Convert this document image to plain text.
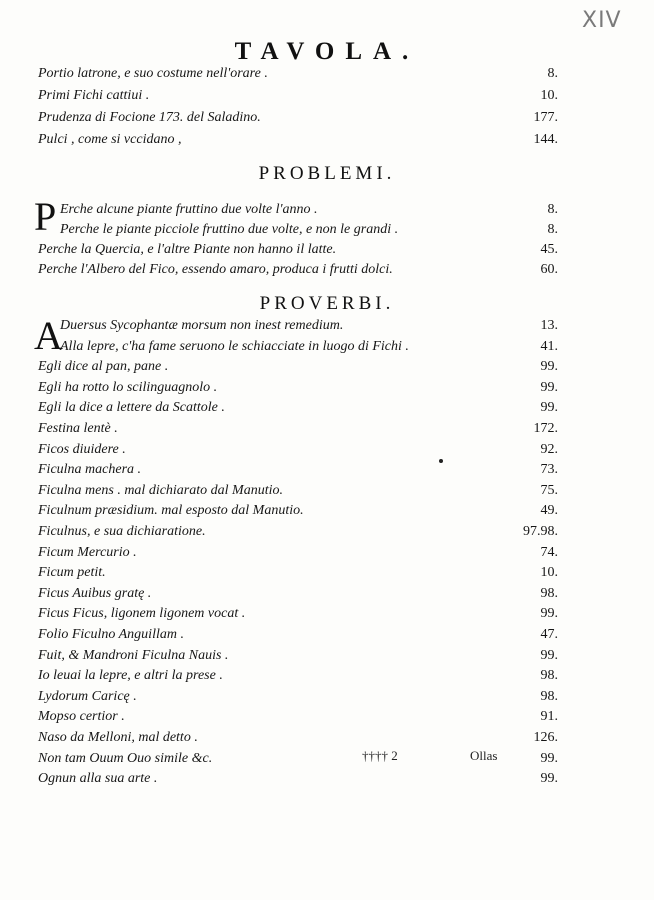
XIV
TAVOLA.
Portio latrone, e suo costume nell'orare .	8.
Primi Fichi cattiui .	10.
Prudenza di Focione 173. del Saladino.	177.
Pulci , come si vccidano ,	144.
PROBLEMI.
P Erche alcune piante fruttino due volte l'anno .	8.
Perche le piante picciole fruttino due volte, e non le grandi .	8.
Perche la Quercia, e l'altre Piante non hanno il latte.	45.
Perche l'Albero del Fico, essendo amaro, produca i frutti dolci.	60.
PROVERBI.
A
Duersus Sycophantæ morsum non inest remedium.	13.
Alla lepre, c'ha fame seruono le schiacciate in luogo di Fichi .	41.
Egli dice al pan, pane .	99.
Egli ha rotto lo scilinguagnolo .	99.
Egli la dice a lettere da Scattole .	99.
Festina lentè .	172.
Ficos diuidere .	92.
Ficulna machera .	73.
Ficulna mens . mal dichiarato dal Manutio.	75.
Ficulnum præsidium. mal esposto dal Manutio.	49.
Ficulnus, e sua dichiaratione.	97.98.
Ficum Mercurio .	74.
Ficum petit.	10.
Ficus Auibus gratę .	98.
Ficus Ficus, ligonem ligonem vocat .	99.
Folio Ficulno Anguillam .	47.
Fuit, & Mandroni Ficulna Nauis .	99.
Io leuai la lepre, e altri la prese .	98.
Lydorum Caricę .	98.
Mopso certior .	91.
Naso da Melloni, mal detto .	126.
Non tam Ouum Ouo simile &c.	99.
Ognun alla sua arte .	99.
†††† 2	Ollas
